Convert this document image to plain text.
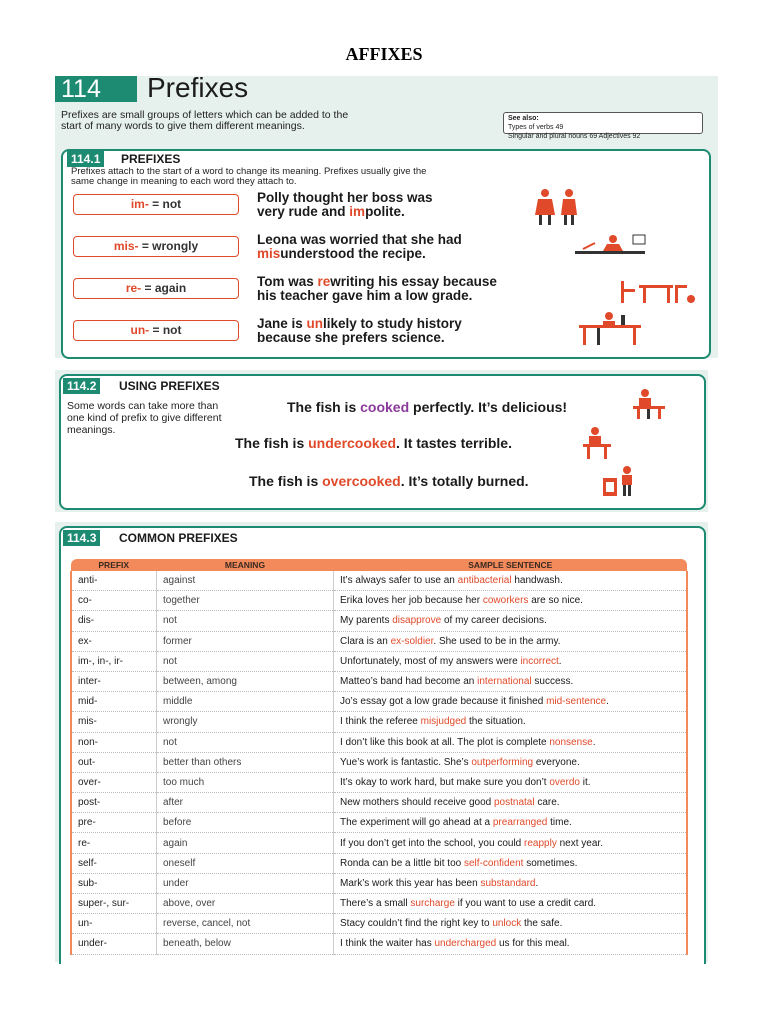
AFFIXES
114	Prefixes
Prefixes are small groups of letters which can be added to the start of many words to give them different meanings.
See also:
Types of verbs 49
Singular and plural nouns 69 Adjectives 92
114.1	PREFIXES
Prefixes attach to the start of a word to change its meaning. Prefixes usually give the same change in meaning to each word they attach to.
im- = not	Polly thought her boss was
very rude and impolite.
mis- = wrongly	Leona was worried that she had
misunderstood the recipe.
re- = again	Tom was rewriting his essay because
his teacher gave him a low grade.
un- = not	Jane is unlikely to study history
because she prefers science.
114.2	USING PREFIXES
Some words can take more than one kind of prefix to give different meanings.
The fish is cooked perfectly. It’s delicious!
The fish is undercooked. It tastes terrible.
The fish is overcooked. It’s totally burned.
114.3	COMMON PREFIXES
PREFIX	MEANING	SAMPLE SENTENCE
anti-	against	It’s always safer to use an antibacterial handwash.
co-	together	Erika loves her job because her coworkers are so nice.
dis-	not	My parents disapprove of my career decisions.
ex-	former	Clara is an ex-soldier. She used to be in the army.
im-, in-, ir-	not	Unfortunately, most of my answers were incorrect.
inter-	between, among	Matteo’s band had become an international success.
mid-	middle	Jo’s essay got a low grade because it finished mid-sentence.
mis-	wrongly	I think the referee misjudged the situation.
non-	not	I don’t like this book at all. The plot is complete nonsense.
out-	better than others	Yue’s work is fantastic. She’s outperforming everyone.
over-	too much	It’s okay to work hard, but make sure you don’t overdo it.
post-	after	New mothers should receive good postnatal care.
pre-	before	The experiment will go ahead at a prearranged time.
re-	again	If you don’t get into the school, you could reapply next year.
self-	oneself	Ronda can be a little bit too self-confident sometimes.
sub-	under	Mark’s work this year has been substandard.
super-, sur-	above, over	There’s a small surcharge if you want to use a credit card.
un-	reverse, cancel, not	Stacy couldn’t find the right key to unlock the safe.
under-	beneath, below	I think the waiter has undercharged us for this meal.
